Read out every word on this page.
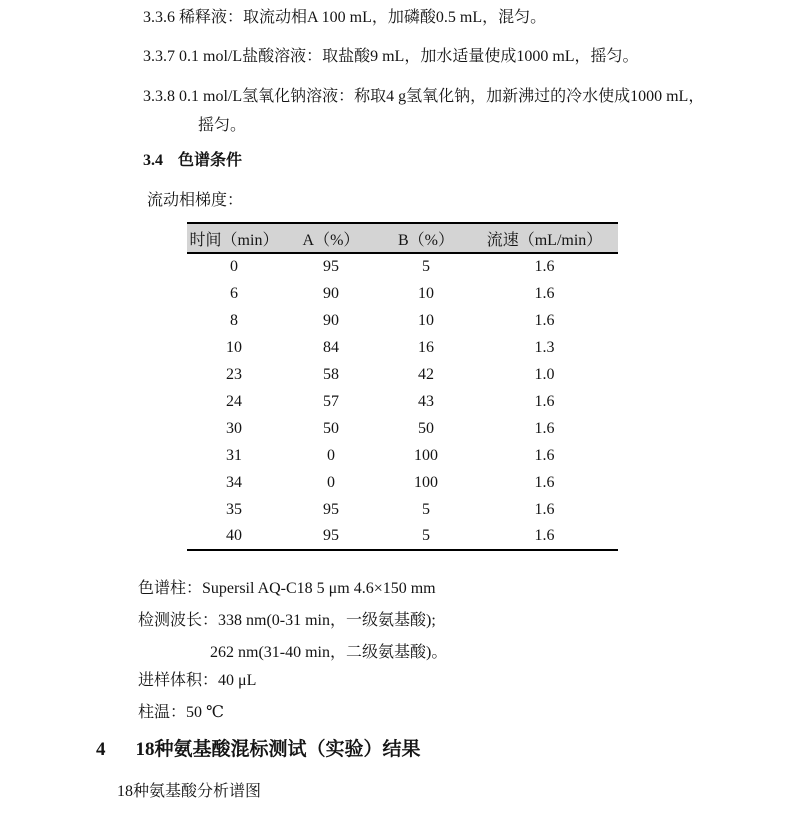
3.3.6 稀释液：取流动相A 100 mL，加磷酸0.5 mL，混匀。

3.3.7 0.1 mol/L盐酸溶液：取盐酸9 mL，加水适量使成1000 mL，摇匀。

3.3.8 0.1 mol/L氢氧化钠溶液：称取4 g氢氧化钠，加新沸过的冷水使成1000 mL，

摇匀。

3.4 色谱条件

流动相梯度：

时间（min）	A（%）	B（%）	流速（mL/min）
0	95	5	1.6
6	90	10	1.6
8	90	10	1.6
10	84	16	1.3
23	58	42	1.0
24	57	43	1.6
30	50	50	1.6
31	0	100	1.6
34	0	100	1.6
35	95	5	1.6
40	95	5	1.6

色谱柱：Supersil AQ-C18 5 μm 4.6×150 mm

检测波长：338 nm(0-31 min，一级氨基酸);

262 nm(31-40 min，二级氨基酸)。

进样体积：40 μL

柱温：50 ℃

4 18种氨基酸混标测试（实验）结果

18种氨基酸分析谱图
